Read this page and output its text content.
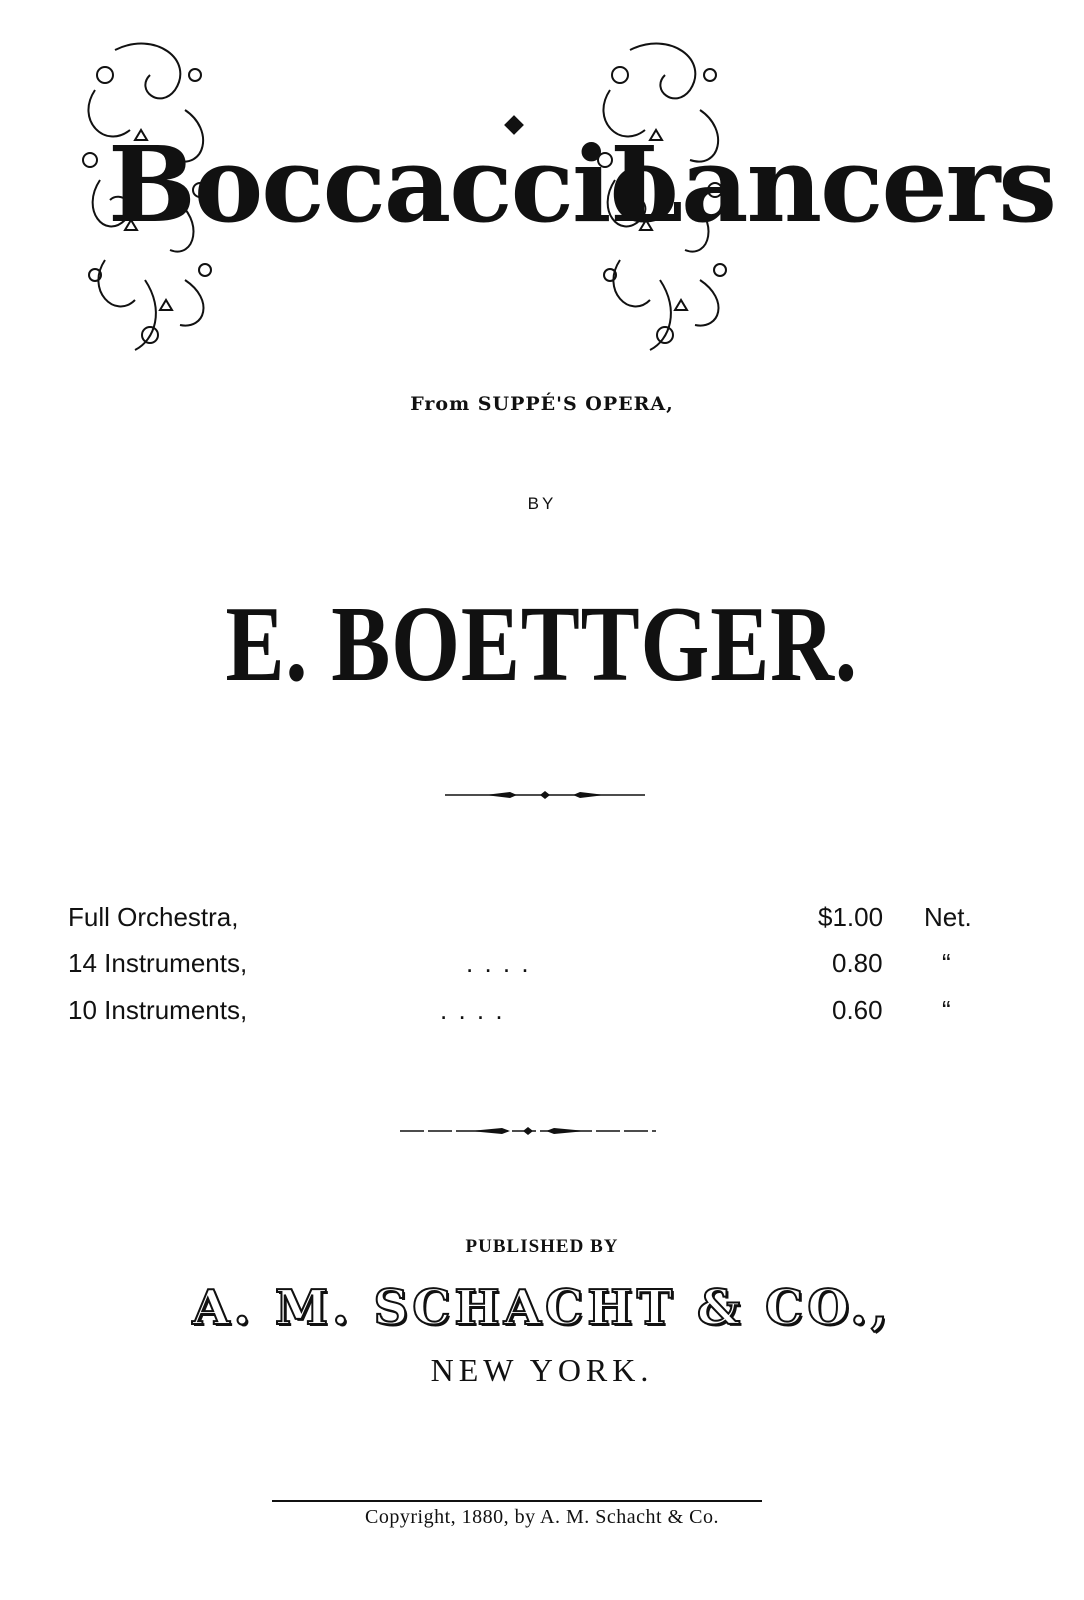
Boccaccio
Lancers
From SUPPÉ'S OPERA,
BY
E. BOETTGER.
Full Orchestra,	$1.00 Net.
14 Instruments,	. . . .	0.80 “
10 Instruments,	. . . .	0.60 “
PUBLISHED BY
A. M. SCHACHT & CO.,
NEW YORK.
Copyright, 1880, by A. M. Schacht & Co.
